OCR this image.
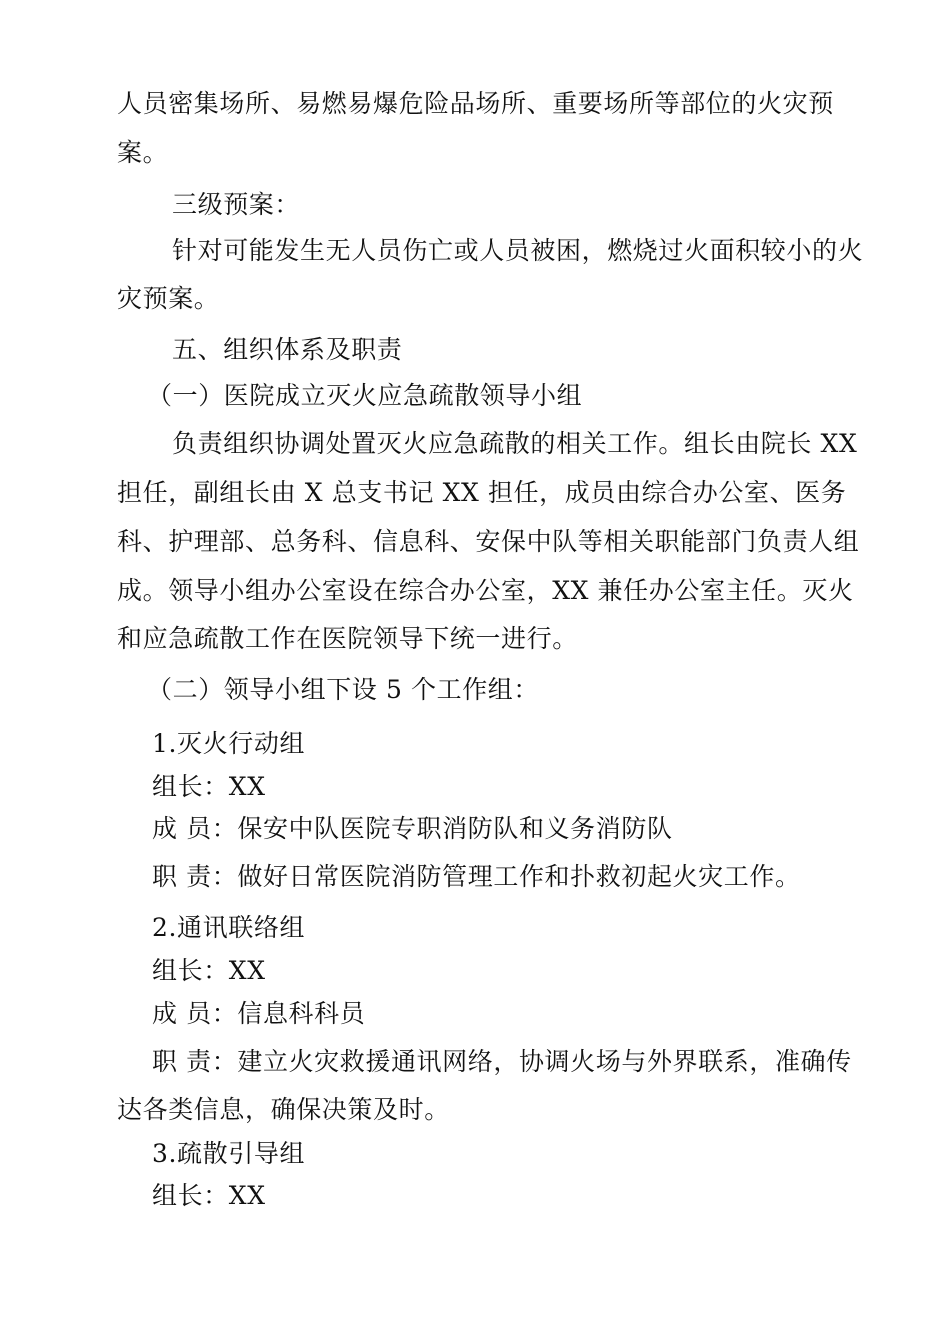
人员密集场所、易燃易爆危险品场所、重要场所等部位的火灾预
案。
三级预案：
针对可能发生无人员伤亡或人员被困，燃烧过火面积较小的火
灾预案。
五、组织体系及职责
（一）医院成立灭火应急疏散领导小组
负责组织协调处置灭火应急疏散的相关工作。组长由院长 XX
担任，副组长由 X 总支书记 XX 担任，成员由综合办公室、医务
科、护理部、总务科、信息科、安保中队等相关职能部门负责人组
成。领导小组办公室设在综合办公室，XX 兼任办公室主任。灭火
和应急疏散工作在医院领导下统一进行。
（二）领导小组下设 5 个工作组：
1.灭火行动组
组长：XX
成 员：保安中队医院专职消防队和义务消防队
职 责：做好日常医院消防管理工作和扑救初起火灾工作。
2.通讯联络组
组长：XX
成 员：信息科科员
职 责：建立火灾救援通讯网络，协调火场与外界联系，准确传
达各类信息，确保决策及时。
3.疏散引导组
组长：XX
